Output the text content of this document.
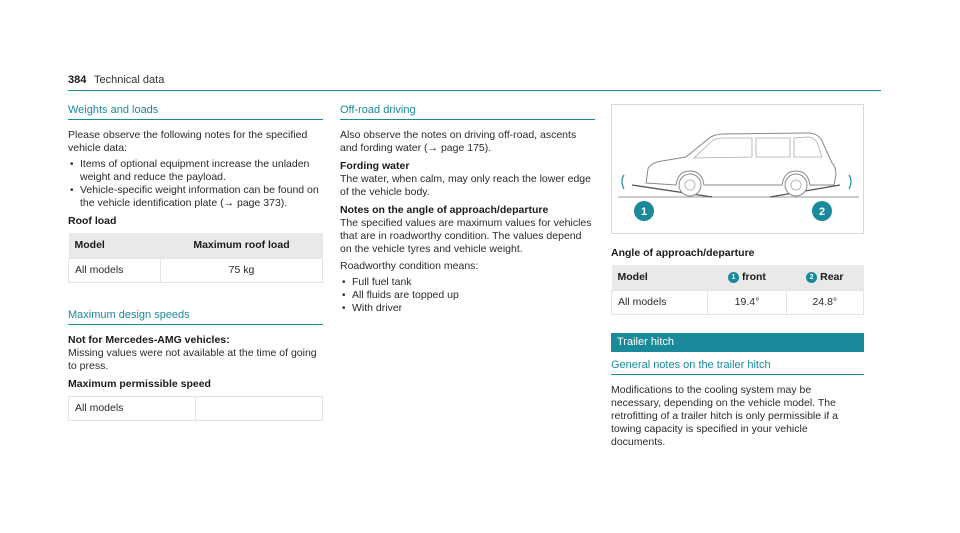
384 Technical data
Weights and loads

Please observe the following notes for the specified vehicle data:

• Items of optional equipment increase the unladen weight and reduce the payload.
• Vehicle-specific weight information can be found on the vehicle identification plate (→ page 373).
Roof load
Model	Maximum roof load
All models	75 kg
Maximum design speeds
Not for Mercedes-AMG vehicles:

Missing values were not available at the time of going to press.

Maximum permissible speed
All models	
Off-road driving

Also observe the notes on driving off-road, ascents and fording water (→ page 175).

Fording water

The water, when calm, may only reach the lower edge of the vehicle body.

Notes on the angle of approach/departure

The specified values are maximum values for vehicles that are in roadworthy condition. The values depend on the vehicle tyres and vehicle weight.

Roadworthy condition means:

• Full fuel tank
• All fluids are topped up
• With driver
1	2
Angle of approach/departure
Model	1 front	2 Rear
All models	19.4°	24.8°
Trailer hitch
General notes on the trailer hitch

Modifications to the cooling system may be necessary, depending on the vehicle model. The retrofitting of a trailer hitch is only permissible if a towing capacity is specified in your vehicle documents.
